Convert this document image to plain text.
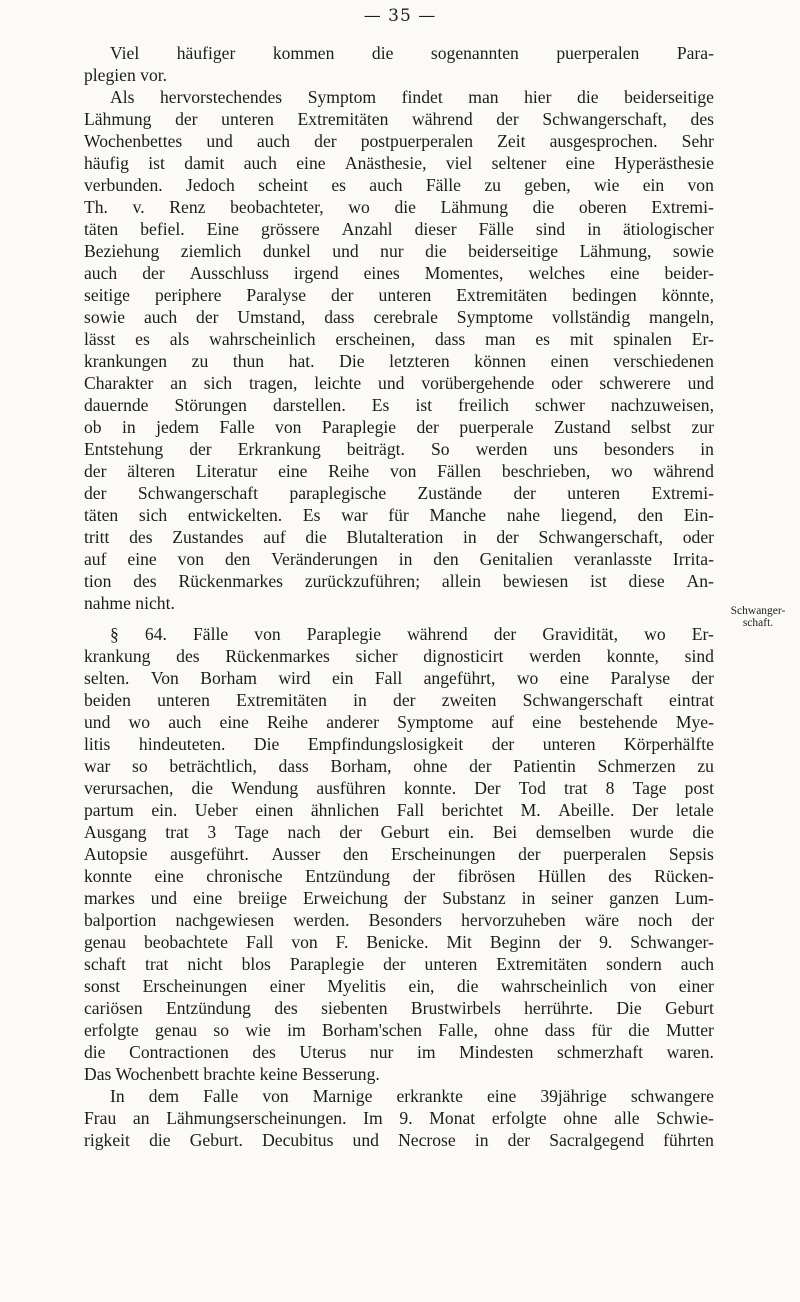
— 35 —
Viel häufiger kommen die sogenannten puerperalen Para-
plegien vor.
Als hervorstechendes Symptom findet man hier die beiderseitige
Lähmung der unteren Extremitäten während der Schwangerschaft, des
Wochenbettes und auch der postpuerperalen Zeit ausgesprochen. Sehr
häufig ist damit auch eine Anästhesie, viel seltener eine Hyperästhesie
verbunden. Jedoch scheint es auch Fälle zu geben, wie ein von
Th. v. Renz beobachteter, wo die Lähmung die oberen Extremi-
täten befiel. Eine grössere Anzahl dieser Fälle sind in ätiologischer
Beziehung ziemlich dunkel und nur die beiderseitige Lähmung, sowie
auch der Ausschluss irgend eines Momentes, welches eine beider-
seitige periphere Paralyse der unteren Extremitäten bedingen könnte,
sowie auch der Umstand, dass cerebrale Symptome vollständig mangeln,
lässt es als wahrscheinlich erscheinen, dass man es mit spinalen Er-
krankungen zu thun hat. Die letzteren können einen verschiedenen
Charakter an sich tragen, leichte und vorübergehende oder schwerere und
dauernde Störungen darstellen. Es ist freilich schwer nachzuweisen,
ob in jedem Falle von Paraplegie der puerperale Zustand selbst zur
Entstehung der Erkrankung beiträgt. So werden uns besonders in
der älteren Literatur eine Reihe von Fällen beschrieben, wo während
der Schwangerschaft paraplegische Zustände der unteren Extremi-
täten sich entwickelten. Es war für Manche nahe liegend, den Ein-
tritt des Zustandes auf die Blutalteration in der Schwangerschaft, oder
auf eine von den Veränderungen in den Genitalien veranlasste Irrita-
tion des Rückenmarkes zurückzuführen; allein bewiesen ist diese An-
nahme nicht.
§ 64. Fälle von Paraplegie während der Gravidität, wo Er-
krankung des Rückenmarkes sicher dignosticirt werden konnte, sind
selten. Von Borham wird ein Fall angeführt, wo eine Paralyse der
beiden unteren Extremitäten in der zweiten Schwangerschaft eintrat
und wo auch eine Reihe anderer Symptome auf eine bestehende Mye-
litis hindeuteten. Die Empfindungslosigkeit der unteren Körperhälfte
war so beträchtlich, dass Borham, ohne der Patientin Schmerzen zu
verursachen, die Wendung ausführen konnte. Der Tod trat 8 Tage post
partum ein. Ueber einen ähnlichen Fall berichtet M. Abeille. Der letale
Ausgang trat 3 Tage nach der Geburt ein. Bei demselben wurde die
Autopsie ausgeführt. Ausser den Erscheinungen der puerperalen Sepsis
konnte eine chronische Entzündung der fibrösen Hüllen des Rücken-
markes und eine breiige Erweichung der Substanz in seiner ganzen Lum-
balportion nachgewiesen werden. Besonders hervorzuheben wäre noch der
genau beobachtete Fall von F. Benicke. Mit Beginn der 9. Schwanger-
schaft trat nicht blos Paraplegie der unteren Extremitäten sondern auch
sonst Erscheinungen einer Myelitis ein, die wahrscheinlich von einer
cariösen Entzündung des siebenten Brustwirbels herrührte. Die Geburt
erfolgte genau so wie im Borham'schen Falle, ohne dass für die Mutter
die Contractionen des Uterus nur im Mindesten schmerzhaft waren.
Das Wochenbett brachte keine Besserung.
In dem Falle von Marnige erkrankte eine 39jährige schwangere
Frau an Lähmungserscheinungen. Im 9. Monat erfolgte ohne alle Schwie-
rigkeit die Geburt. Decubitus und Necrose in der Sacralgegend führten
Schwanger-
schaft.
